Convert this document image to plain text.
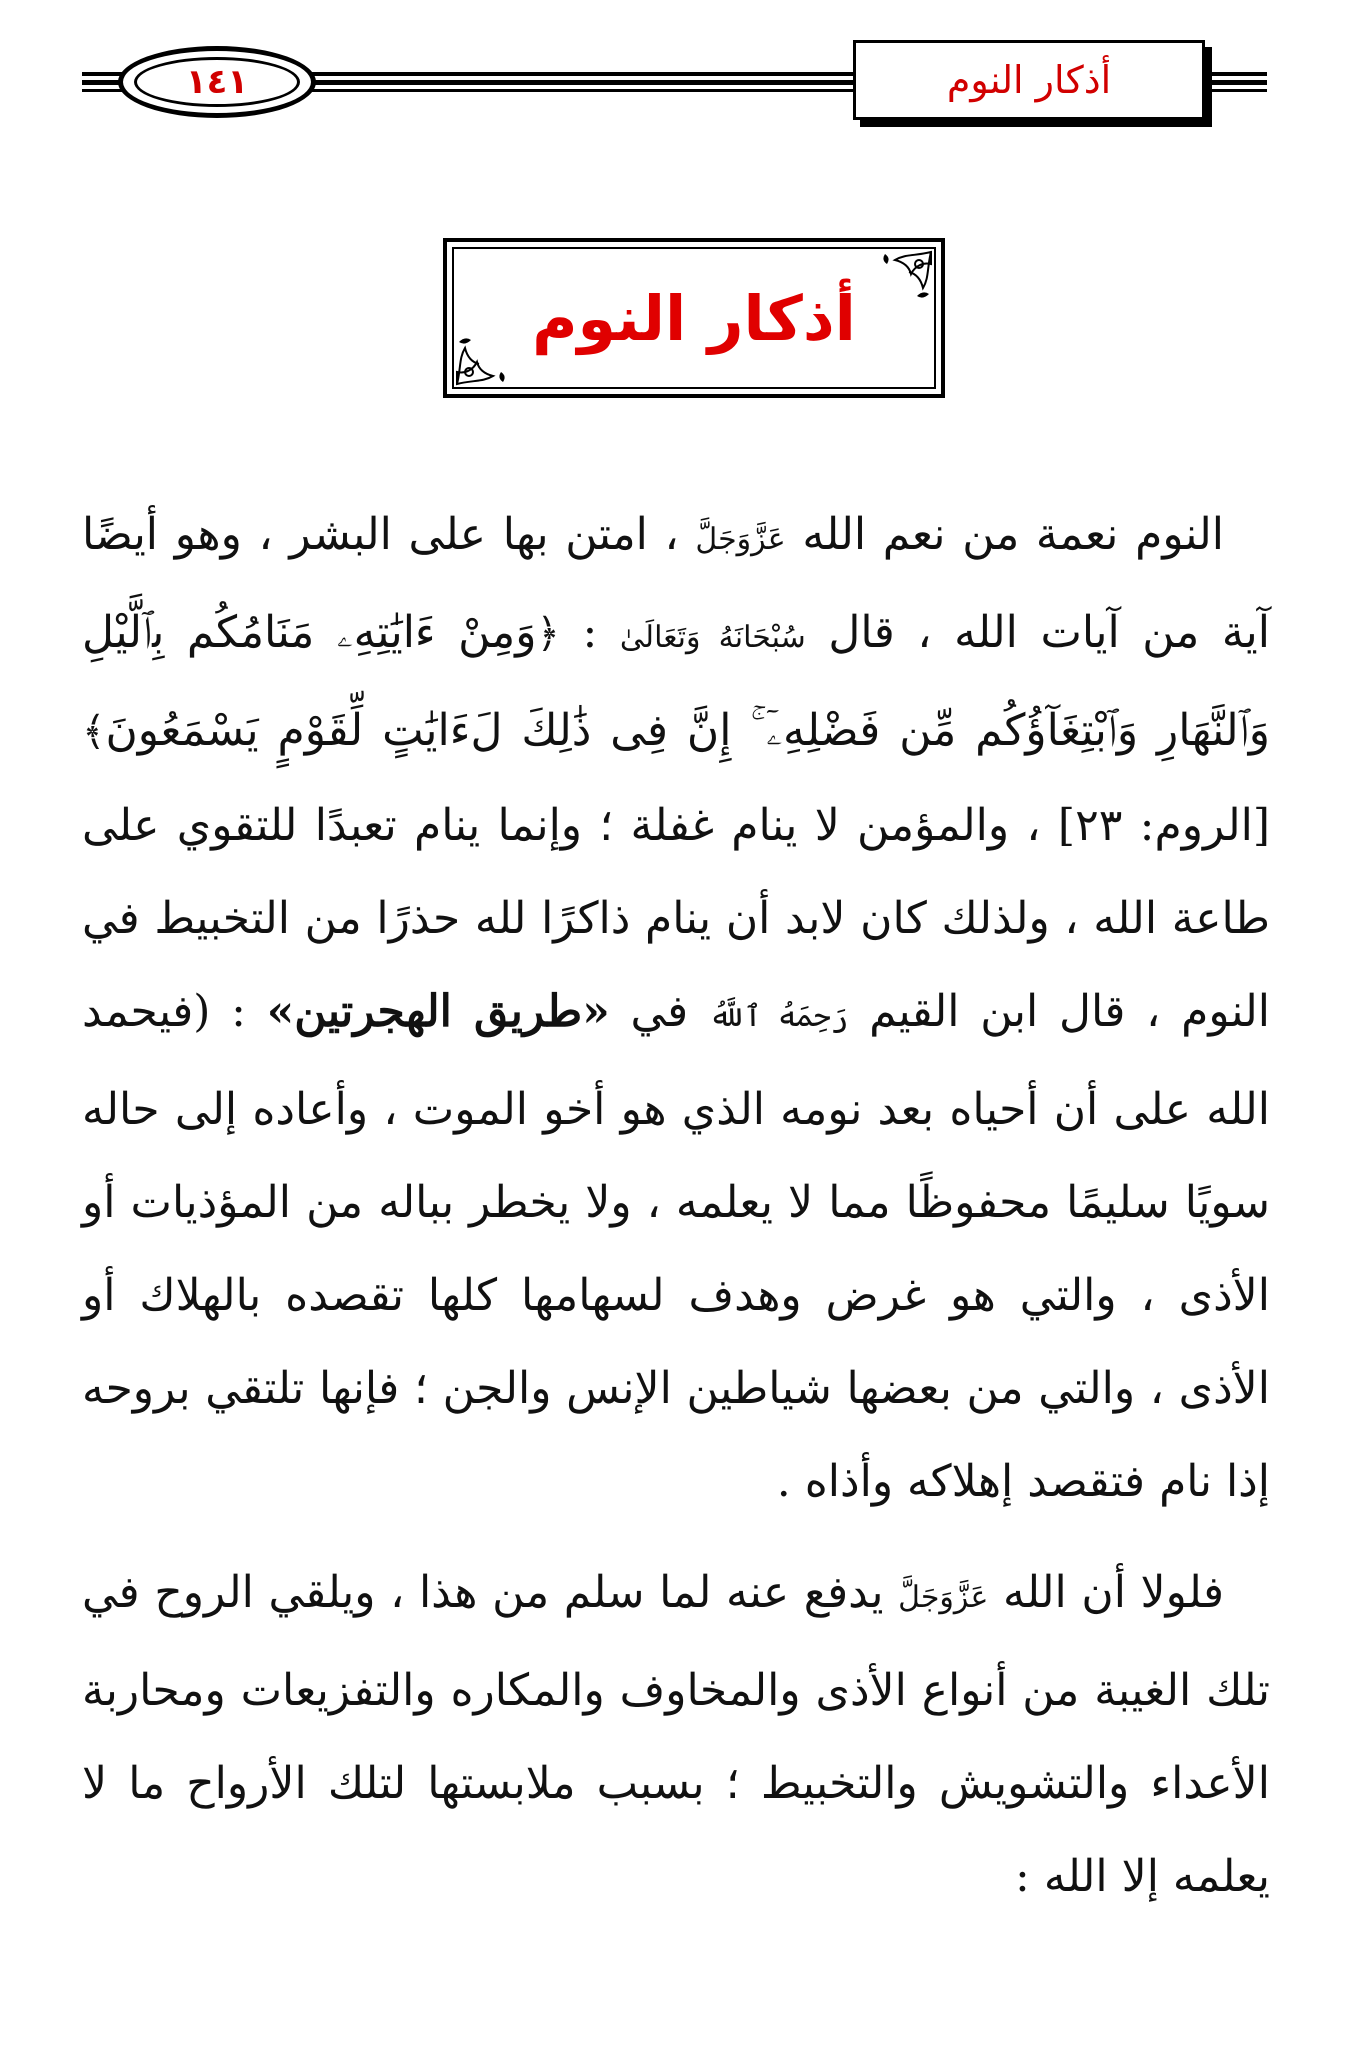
١٤١	أذكار النوم
أذكار النوم

النوم نعمة من نعم الله عَزَّوَجَلَّ ، امتن بها على البشر ، وهو أيضًا آية من آيات الله ، قال سُبْحَانَهُ وَتَعَالَىٰ : ﴿وَمِنْ ءَايَٰتِهِۦ مَنَامُكُم بِٱلَّيْلِ وَٱلنَّهَارِ وَٱبْتِغَآؤُكُم مِّن فَضْلِهِۦٓ ۚ إِنَّ فِى ذَٰلِكَ لَءَايَٰتٍ لِّقَوْمٍ يَسْمَعُونَ﴾ [الروم: ٢٣] ، والمؤمن لا ينام غفلة ؛ وإنما ينام تعبدًا للتقوي على طاعة الله ، ولذلك كان لابد أن ينام ذاكرًا لله حذرًا من التخبيط في النوم ، قال ابن القيم رَحِمَهُ ٱللَّهُ في «طريق الهجرتين» : (فيحمد الله على أن أحياه بعد نومه الذي هو أخو الموت ، وأعاده إلى حاله سويًا سليمًا محفوظًا مما لا يعلمه ، ولا يخطر بباله من المؤذيات أو الأذى ، والتي هو غرض وهدف لسهامها كلها تقصده بالهلاك أو الأذى ، والتي من بعضها شياطين الإنس والجن ؛ فإنها تلتقي بروحه إذا نام فتقصد إهلاكه وأذاه .

فلولا أن الله عَزَّوَجَلَّ يدفع عنه لما سلم من هذا ، ويلقي الروح في تلك الغيبة من أنواع الأذى والمخاوف والمكاره والتفزيعات ومحاربة الأعداء والتشويش والتخبيط ؛ بسبب ملابستها لتلك الأرواح ما لا يعلمه إلا الله :
